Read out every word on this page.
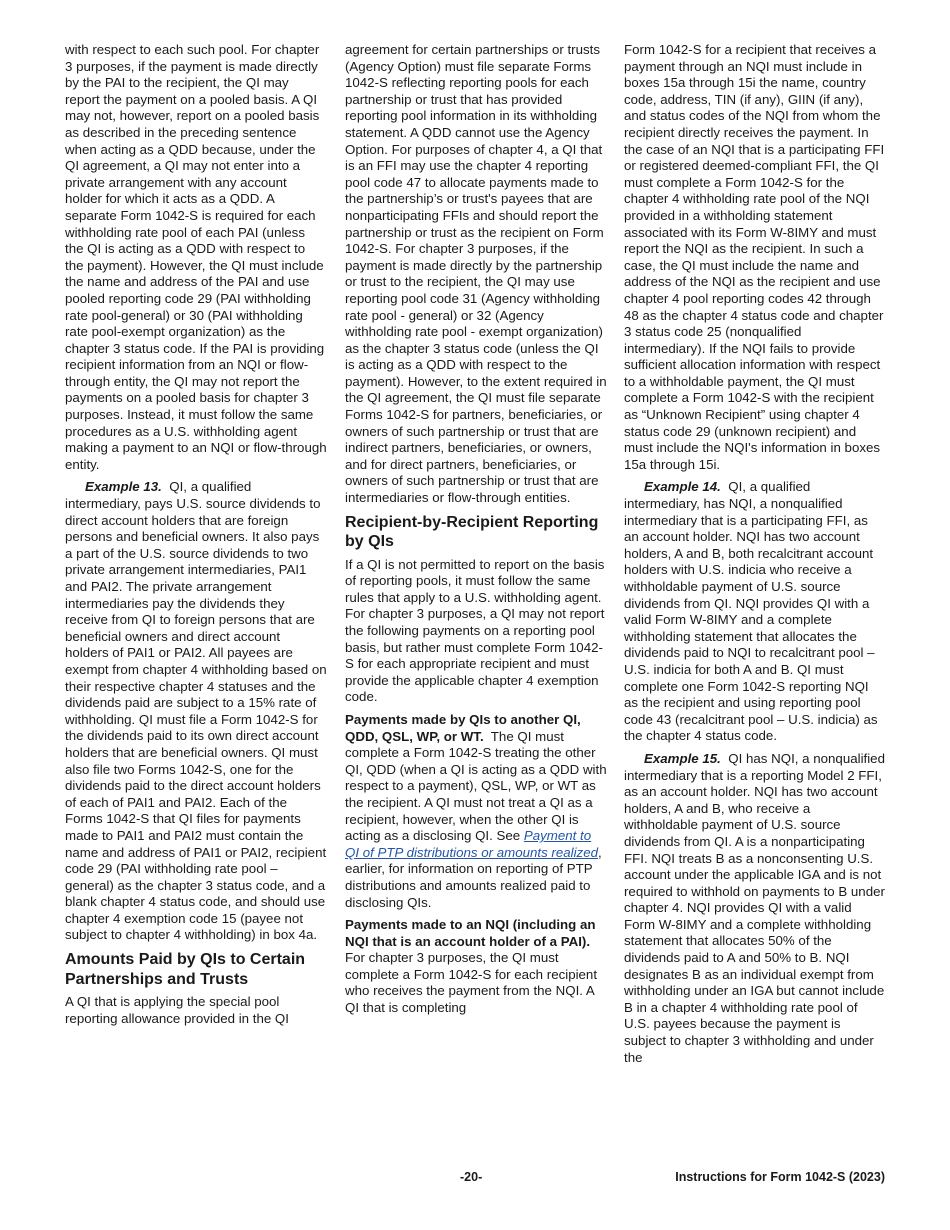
with respect to each such pool. For chapter 3 purposes, if the payment is made directly by the PAI to the recipient, the QI may report the payment on a pooled basis. A QI may not, however, report on a pooled basis as described in the preceding sentence when acting as a QDD because, under the QI agreement, a QI may not enter into a private arrangement with any account holder for which it acts as a QDD. A separate Form 1042-S is required for each withholding rate pool of each PAI (unless the QI is acting as a QDD with respect to the payment). However, the QI must include the name and address of the PAI and use pooled reporting code 29 (PAI withholding rate pool-general) or 30 (PAI withholding rate pool-exempt organization) as the chapter 3 status code. If the PAI is providing recipient information from an NQI or flow-through entity, the QI may not report the payments on a pooled basis for chapter 3 purposes. Instead, it must follow the same procedures as a U.S. withholding agent making a payment to an NQI or flow-through entity.

Example 13. QI, a qualified intermediary, pays U.S. source dividends to direct account holders that are foreign persons and beneficial owners. It also pays a part of the U.S. source dividends to two private arrangement intermediaries, PAI1 and PAI2. The private arrangement intermediaries pay the dividends they receive from QI to foreign persons that are beneficial owners and direct account holders of PAI1 or PAI2. All payees are exempt from chapter 4 withholding based on their respective chapter 4 statuses and the dividends paid are subject to a 15% rate of withholding. QI must file a Form 1042-S for the dividends paid to its own direct account holders that are beneficial owners. QI must also file two Forms 1042-S, one for the dividends paid to the direct account holders of each of PAI1 and PAI2. Each of the Forms 1042-S that QI files for payments made to PAI1 and PAI2 must contain the name and address of PAI1 or PAI2, recipient code 29 (PAI withholding rate pool – general) as the chapter 3 status code, and a blank chapter 4 status code, and should use chapter 4 exemption code 15 (payee not subject to chapter 4 withholding) in box 4a.

Amounts Paid by QIs to Certain Partnerships and Trusts

A QI that is applying the special pool reporting allowance provided in the QI

agreement for certain partnerships or trusts (Agency Option) must file separate Forms 1042-S reflecting reporting pools for each partnership or trust that has provided reporting pool information in its withholding statement. A QDD cannot use the Agency Option. For purposes of chapter 4, a QI that is an FFI may use the chapter 4 reporting pool code 47 to allocate payments made to the partnership’s or trust's payees that are nonparticipating FFIs and should report the partnership or trust as the recipient on Form 1042-S. For chapter 3 purposes, if the payment is made directly by the partnership or trust to the recipient, the QI may use reporting pool code 31 (Agency withholding rate pool - general) or 32 (Agency withholding rate pool - exempt organization) as the chapter 3 status code (unless the QI is acting as a QDD with respect to the payment). However, to the extent required in the QI agreement, the QI must file separate Forms 1042-S for partners, beneficiaries, or owners of such partnership or trust that are indirect partners, beneficiaries, or owners, and for direct partners, beneficiaries, or owners of such partnership or trust that are intermediaries or flow-through entities.

Recipient-by-Recipient Reporting by QIs

If a QI is not permitted to report on the basis of reporting pools, it must follow the same rules that apply to a U.S. withholding agent. For chapter 3 purposes, a QI may not report the following payments on a reporting pool basis, but rather must complete Form 1042-S for each appropriate recipient and must provide the applicable chapter 4 exemption code.

Payments made by QIs to another QI, QDD, QSL, WP, or WT. The QI must complete a Form 1042-S treating the other QI, QDD (when a QI is acting as a QDD with respect to a payment), QSL, WP, or WT as the recipient. A QI must not treat a QI as a recipient, however, when the other QI is acting as a disclosing QI. See Payment to QI of PTP distributions or amounts realized, earlier, for information on reporting of PTP distributions and amounts realized paid to disclosing QIs.

Payments made to an NQI (including an NQI that is an account holder of a PAI).  For chapter 3 purposes, the QI must complete a Form 1042-S for each recipient who receives the payment from the NQI. A QI that is completing

Form 1042-S for a recipient that receives a payment through an NQI must include in boxes 15a through 15i the name, country code, address, TIN (if any), GIIN (if any), and status codes of the NQI from whom the recipient directly receives the payment. In the case of an NQI that is a participating FFI or registered deemed-compliant FFI, the QI must complete a Form 1042-S for the chapter 4 withholding rate pool of the NQI provided in a withholding statement associated with its Form W-8IMY and must report the NQI as the recipient. In such a case, the QI must include the name and address of the NQI as the recipient and use chapter 4 pool reporting codes 42 through 48 as the chapter 4 status code and chapter 3 status code 25 (nonqualified intermediary). If the NQI fails to provide sufficient allocation information with respect to a withholdable payment, the QI must complete a Form 1042-S with the recipient as “Unknown Recipient” using chapter 4 status code 29 (unknown recipient) and must include the NQI's information in boxes 15a through 15i.

Example 14. QI, a qualified intermediary, has NQI, a nonqualified intermediary that is a participating FFI, as an account holder. NQI has two account holders, A and B, both recalcitrant account holders with U.S. indicia who receive a withholdable payment of U.S. source dividends from QI. NQI provides QI with a valid Form W-8IMY and a complete withholding statement that allocates the dividends paid to NQI to recalcitrant pool – U.S. indicia for both A and B. QI must complete one Form 1042-S reporting NQI as the recipient and using reporting pool code 43 (recalcitrant pool – U.S. indicia) as the chapter 4 status code.

Example 15. QI has NQI, a nonqualified intermediary that is a reporting Model 2 FFI, as an account holder. NQI has two account holders, A and B, who receive a withholdable payment of U.S. source dividends from QI. A is a nonparticipating FFI. NQI treats B as a nonconsenting U.S. account under the applicable IGA and is not required to withhold on payments to B under chapter 4. NQI provides QI with a valid Form W-8IMY and a complete withholding statement that allocates 50% of the dividends paid to A and 50% to B. NQI designates B as an individual exempt from withholding under an IGA but cannot include B in a chapter 4 withholding rate pool of U.S. payees because the payment is subject to chapter 3 withholding and under the

-20-	Instructions for Form 1042-S (2023)
